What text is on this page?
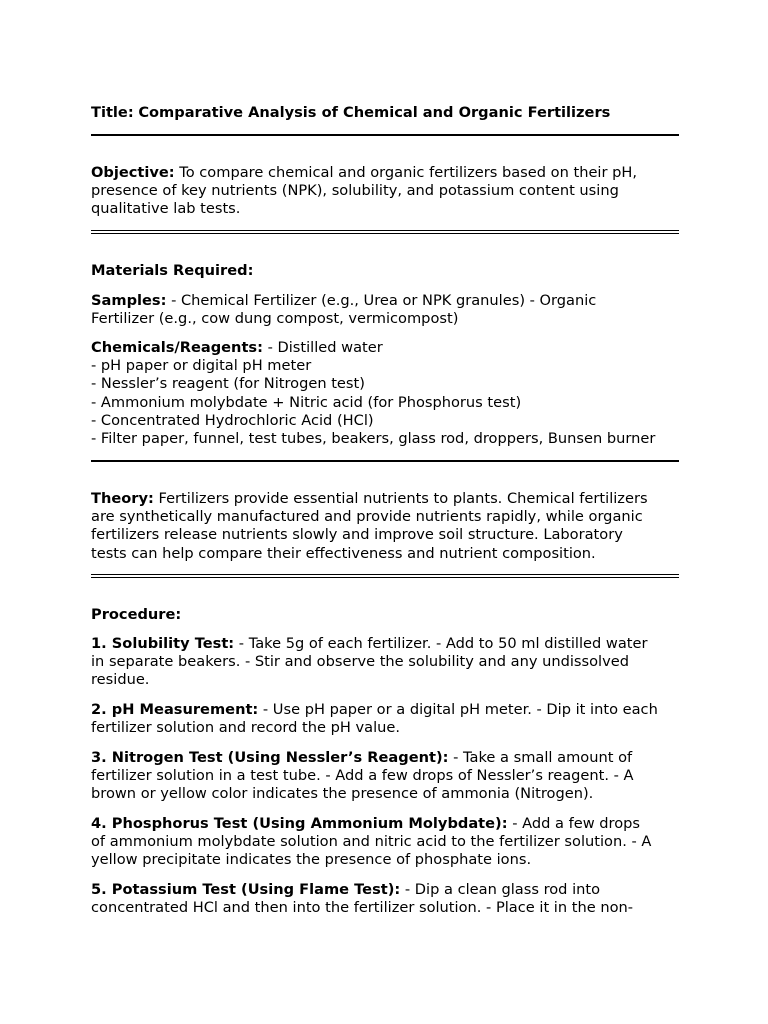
Title: Comparative Analysis of Chemical and Organic Fertilizers

Objective: To compare chemical and organic fertilizers based on their pH,
presence of key nutrients (NPK), solubility, and potassium content using
qualitative lab tests.

Materials Required:

Samples: - Chemical Fertilizer (e.g., Urea or NPK granules) - Organic
Fertilizer (e.g., cow dung compost, vermicompost)

Chemicals/Reagents: - Distilled water
- pH paper or digital pH meter
- Nessler’s reagent (for Nitrogen test)
- Ammonium molybdate + Nitric acid (for Phosphorus test)
- Concentrated Hydrochloric Acid (HCl)
- Filter paper, funnel, test tubes, beakers, glass rod, droppers, Bunsen burner

Theory: Fertilizers provide essential nutrients to plants. Chemical fertilizers
are synthetically manufactured and provide nutrients rapidly, while organic
fertilizers release nutrients slowly and improve soil structure. Laboratory
tests can help compare their effectiveness and nutrient composition.

Procedure:

1. Solubility Test: - Take 5g of each fertilizer. - Add to 50 ml distilled water
in separate beakers. - Stir and observe the solubility and any undissolved
residue.

2. pH Measurement: - Use pH paper or a digital pH meter. - Dip it into each
fertilizer solution and record the pH value.

3. Nitrogen Test (Using Nessler’s Reagent): - Take a small amount of
fertilizer solution in a test tube. - Add a few drops of Nessler’s reagent. - A
brown or yellow color indicates the presence of ammonia (Nitrogen).

4. Phosphorus Test (Using Ammonium Molybdate): - Add a few drops
of ammonium molybdate solution and nitric acid to the fertilizer solution. - A
yellow precipitate indicates the presence of phosphate ions.

5. Potassium Test (Using Flame Test): - Dip a clean glass rod into
concentrated HCl and then into the fertilizer solution. - Place it in the non-
